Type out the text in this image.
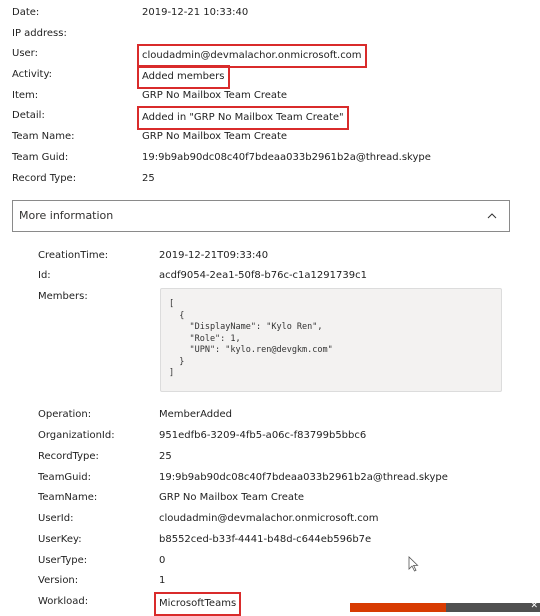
Date:	2019-12-21 10:33:40
IP address:
User:	cloudadmin@devmalachor.onmicrosoft.com
Activity:	Added members
Item:	GRP No Mailbox Team Create
Detail:	Added in "GRP No Mailbox Team Create"
Team Name:	GRP No Mailbox Team Create
Team Guid:	19:9b9ab90dc08c40f7bdeaa033b2961b2a@thread.skype
Record Type:	25
More information
CreationTime:	2019-12-21T09:33:40
Id:	acdf9054-2ea1-50f8-b76c-c1a1291739c1
Members:
[
{
"DisplayName": "Kylo Ren",
"Role": 1,
"UPN": "kylo.ren@devgkm.com"
}
]
Operation:	MemberAdded
OrganizationId:	951edfb6-3209-4fb5-a06c-f83799b5bbc6
RecordType:	25
TeamGuid:	19:9b9ab90dc08c40f7bdeaa033b2961b2a@thread.skype
TeamName:	GRP No Mailbox Team Create
UserId:	cloudadmin@devmalachor.onmicrosoft.com
UserKey:	b8552ced-b33f-4441-b48d-c644eb596b7e
UserType:	0
Version:	1
Workload:	MicrosoftTeams	✕
